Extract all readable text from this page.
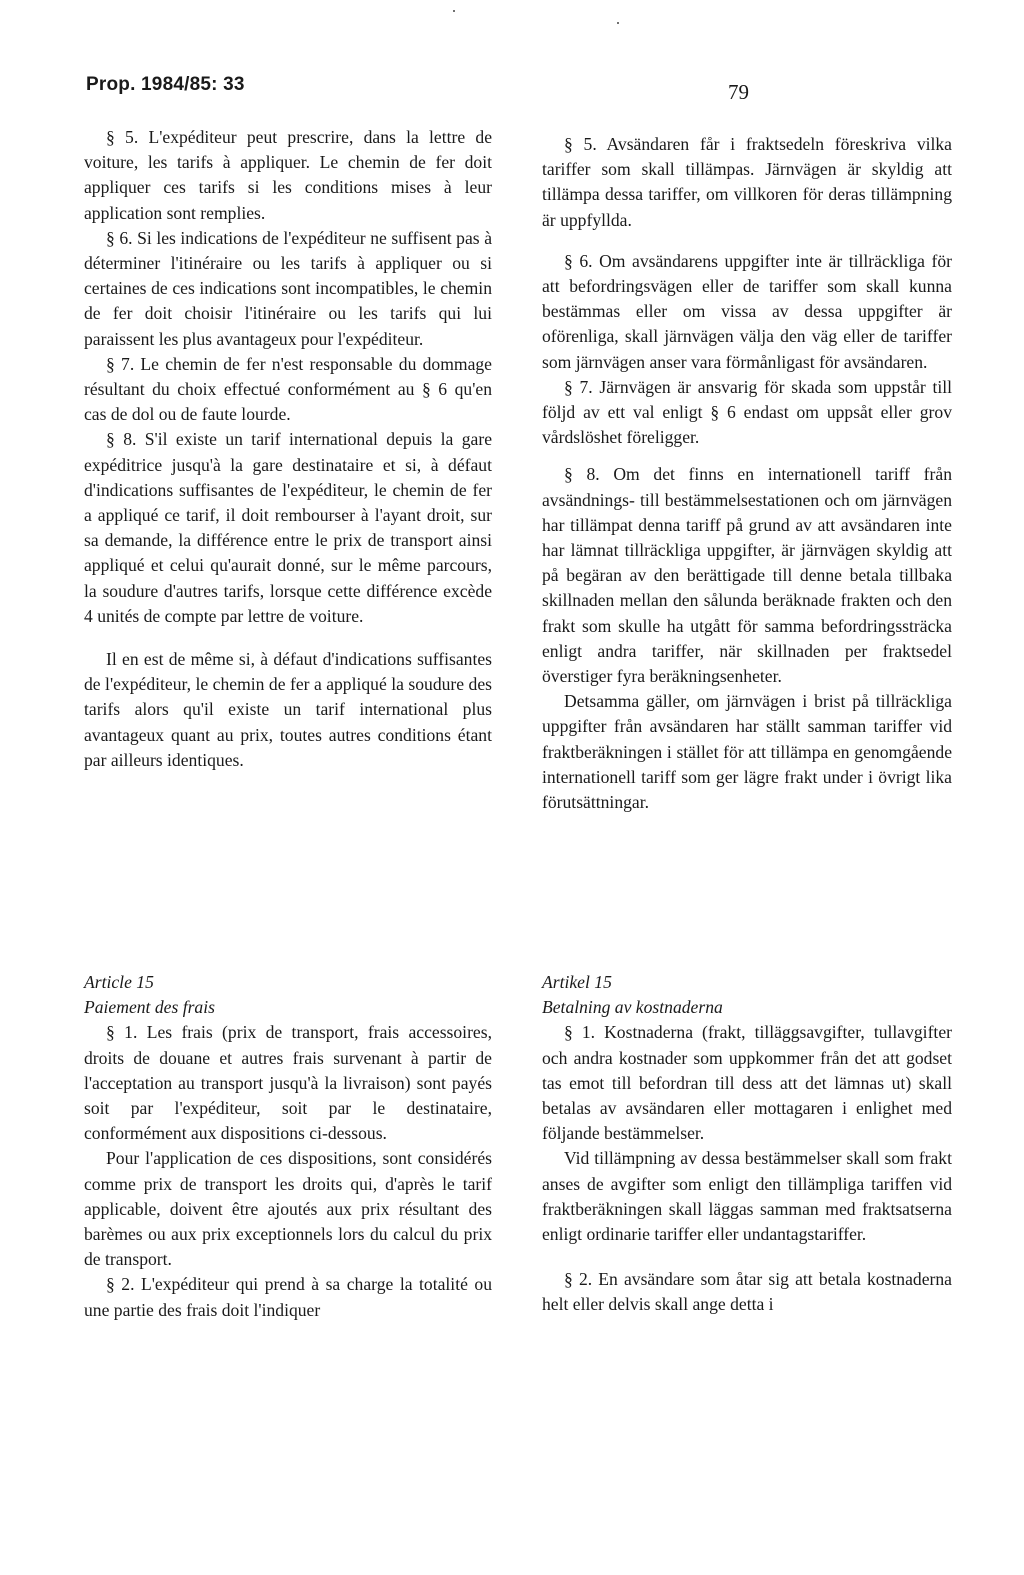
Prop. 1984/85: 33	79

§ 5. L'expéditeur peut prescrire, dans la lettre de voiture, les tarifs à appliquer. Le chemin de fer doit appliquer ces tarifs si les conditions mises à leur application sont remplies.

§ 6. Si les indications de l'expéditeur ne suffisent pas à déterminer l'itinéraire ou les tarifs à appliquer ou si certaines de ces indications sont incompatibles, le chemin de fer doit choisir l'itinéraire ou les tarifs qui lui paraissent les plus avantageux pour l'expéditeur.

§ 7. Le chemin de fer n'est responsable du dommage résultant du choix effectué conformément au § 6 qu'en cas de dol ou de faute lourde.

§ 8. S'il existe un tarif international depuis la gare expéditrice jusqu'à la gare destinataire et si, à défaut d'indications suffisantes de l'expéditeur, le chemin de fer a appliqué ce tarif, il doit rembourser à l'ayant droit, sur sa demande, la différence entre le prix de transport ainsi appliqué et celui qu'aurait donné, sur le même parcours, la soudure d'autres tarifs, lorsque cette différence excède 4 unités de compte par lettre de voiture.

Il en est de même si, à défaut d'indications suffisantes de l'expéditeur, le chemin de fer a appliqué la soudure des tarifs alors qu'il existe un tarif international plus avantageux quant au prix, toutes autres conditions étant par ailleurs identiques.

§ 5. Avsändaren får i fraktsedeln föreskriva vilka tariffer som skall tillämpas. Järnvägen är skyldig att tillämpa dessa tariffer, om villkoren för deras tillämpning är uppfyllda.

§ 6. Om avsändarens uppgifter inte är tillräckliga för att befordringsvägen eller de tariffer som skall kunna bestämmas eller om vissa av dessa uppgifter är oförenliga, skall järnvägen välja den väg eller de tariffer som järnvägen anser vara förmånligast för avsändaren.

§ 7. Järnvägen är ansvarig för skada som uppstår till följd av ett val enligt § 6 endast om uppsåt eller grov vårdslöshet föreligger.

§ 8. Om det finns en internationell tariff från avsändnings- till bestämmelsestationen och om järnvägen har tillämpat denna tariff på grund av att avsändaren inte har lämnat tillräckliga uppgifter, är järnvägen skyldig att på begäran av den berättigade till denne betala tillbaka skillnaden mellan den sålunda beräknade frakten och den frakt som skulle ha utgått för samma befordringssträcka enligt andra tariffer, när skillnaden per fraktsedel överstiger fyra beräkningsenheter.

Detsamma gäller, om järnvägen i brist på tillräckliga uppgifter från avsändaren har ställt samman tariffer vid fraktberäkningen i stället för att tillämpa en genomgående internationell tariff som ger lägre frakt under i övrigt lika förutsättningar.

Article 15

Paiement des frais

§ 1. Les frais (prix de transport, frais accessoires, droits de douane et autres frais survenant à partir de l'acceptation au transport jusqu'à la livraison) sont payés soit par l'expéditeur, soit par le destinataire, conformément aux dispositions ci-dessous.

Pour l'application de ces dispositions, sont considérés comme prix de transport les droits qui, d'après le tarif applicable, doivent être ajoutés aux prix résultant des barèmes ou aux prix exceptionnels lors du calcul du prix de transport.

§ 2. L'expéditeur qui prend à sa charge la totalité ou une partie des frais doit l'indiquer

Artikel 15

Betalning av kostnaderna

§ 1. Kostnaderna (frakt, tilläggsavgifter, tullavgifter och andra kostnader som uppkommer från det att godset tas emot till befordran till dess att det lämnas ut) skall betalas av avsändaren eller mottagaren i enlighet med följande bestämmelser.

Vid tillämpning av dessa bestämmelser skall som frakt anses de avgifter som enligt den tillämpliga tariffen vid fraktberäkningen skall läggas samman med fraktsatserna enligt ordinarie tariffer eller undantagstariffer.

§ 2. En avsändare som åtar sig att betala kostnaderna helt eller delvis skall ange detta i
